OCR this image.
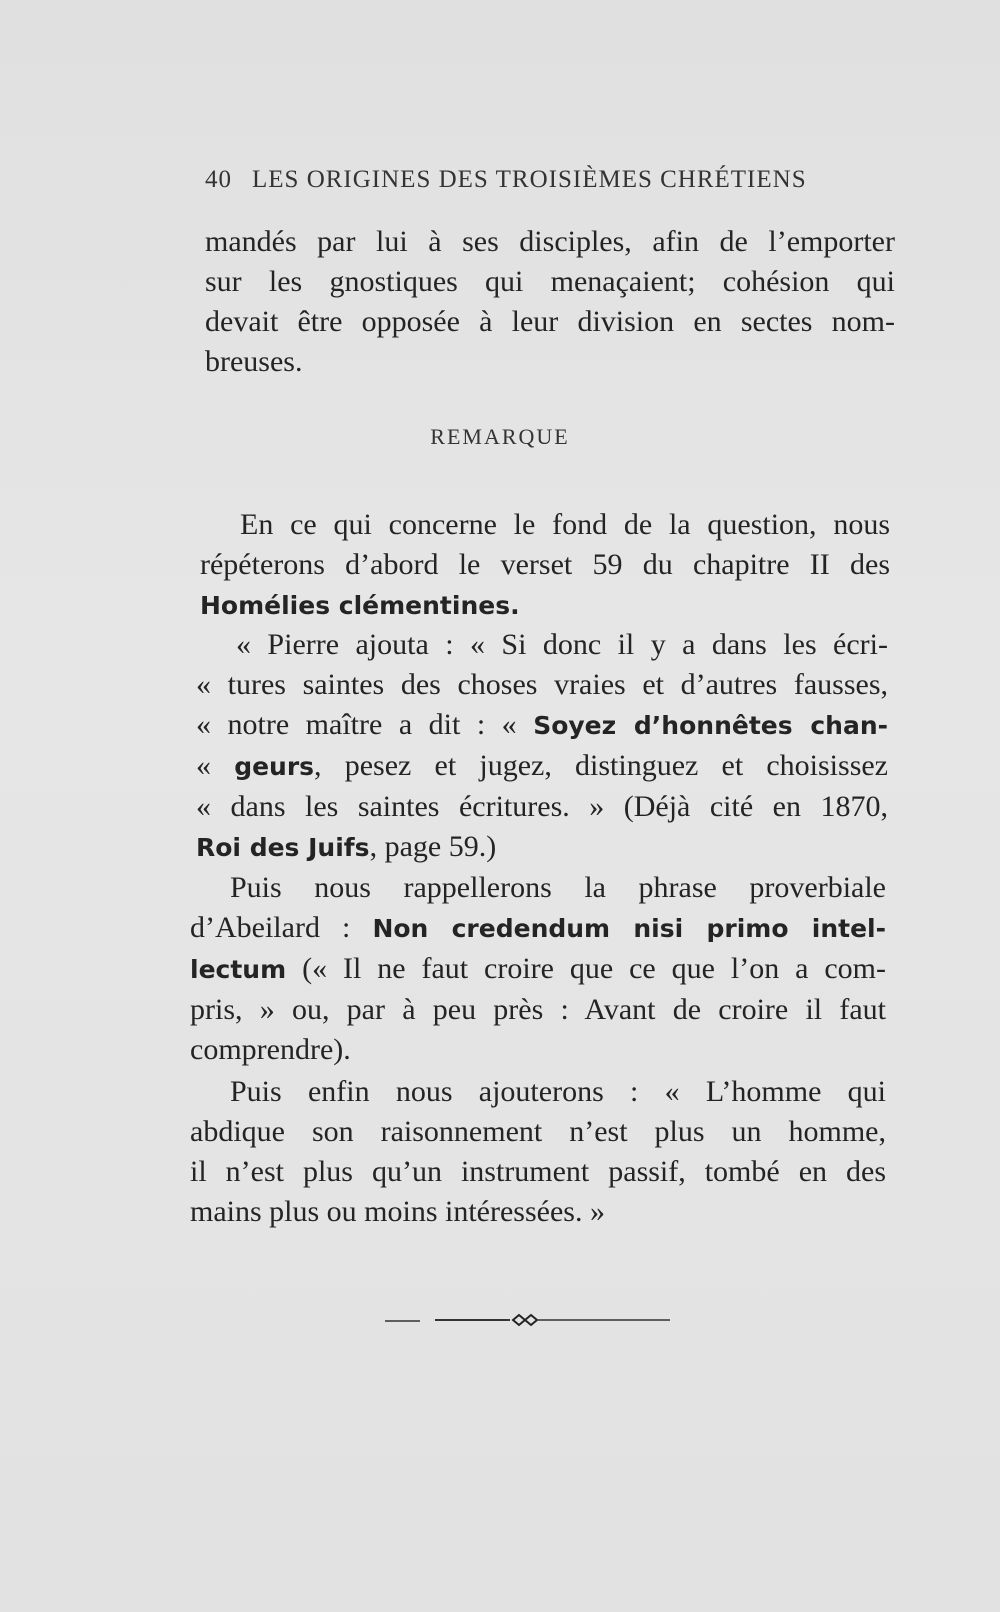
40 LES ORIGINES DES TROISIÈMES CHRÉTIENS
mandés par lui à ses disciples, afin de l’emporter
sur les gnostiques qui menaçaient; cohésion qui
devait être opposée à leur division en sectes nom-
breuses.
REMARQUE
En ce qui concerne le fond de la question, nous
répéterons d’abord le verset 59 du chapitre II des
Homélies clémentines.
« Pierre ajouta : « Si donc il y a dans les écri-
« tures saintes des choses vraies et d’autres fausses,
« notre maître a dit : « Soyez d’honnêtes chan-
« geurs, pesez et jugez, distinguez et choisissez
« dans les saintes écritures. » (Déjà cité en 1870,
Roi des Juifs, page 59.)
Puis nous rappellerons la phrase proverbiale
d’Abeilard : Non credendum nisi primo intel-
lectum (« Il ne faut croire que ce que l’on a com-
pris, » ou, par à peu près : Avant de croire il faut
comprendre).
Puis enfin nous ajouterons : « L’homme qui
abdique son raisonnement n’est plus un homme,
il n’est plus qu’un instrument passif, tombé en des
mains plus ou moins intéressées. »
